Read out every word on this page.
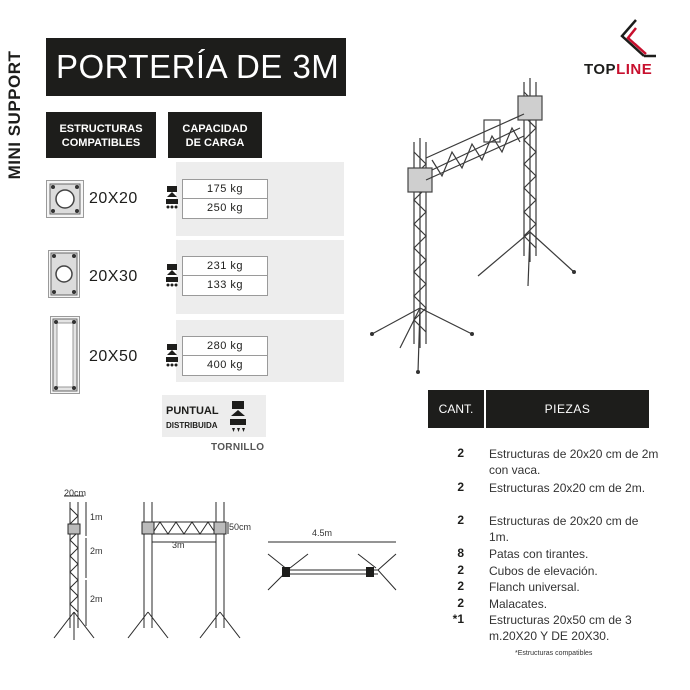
MINI SUPPORT PORTERÍA DE 3M	TOPLINE
ESTRUCTURAS
COMPATIBLES
CAPACIDAD
DE CARGA
20X20
175 kg
250 kg
20X30
231 kg
133 kg
20X50
280 kg
400 kg
PUNTUAL
DISTRIBUIDA
TORNILLO
CANT.	PIEZAS
2 Estructuras de 20x20 cm de 2m con vaca.
2 Estructuras 20x20 cm de 2m.
2 Estructuras de 20x20 cm de 1m.
8 Patas con tirantes.
2 Cubos de elevación.
2 Flanch universal.
2 Malacates.
*1 Estructuras 20x50 cm de 3 m.20X20 Y DE 20X30.
*Estructuras compatibles
20cm
1m
2m
2m
3m
50cm
4.5m
